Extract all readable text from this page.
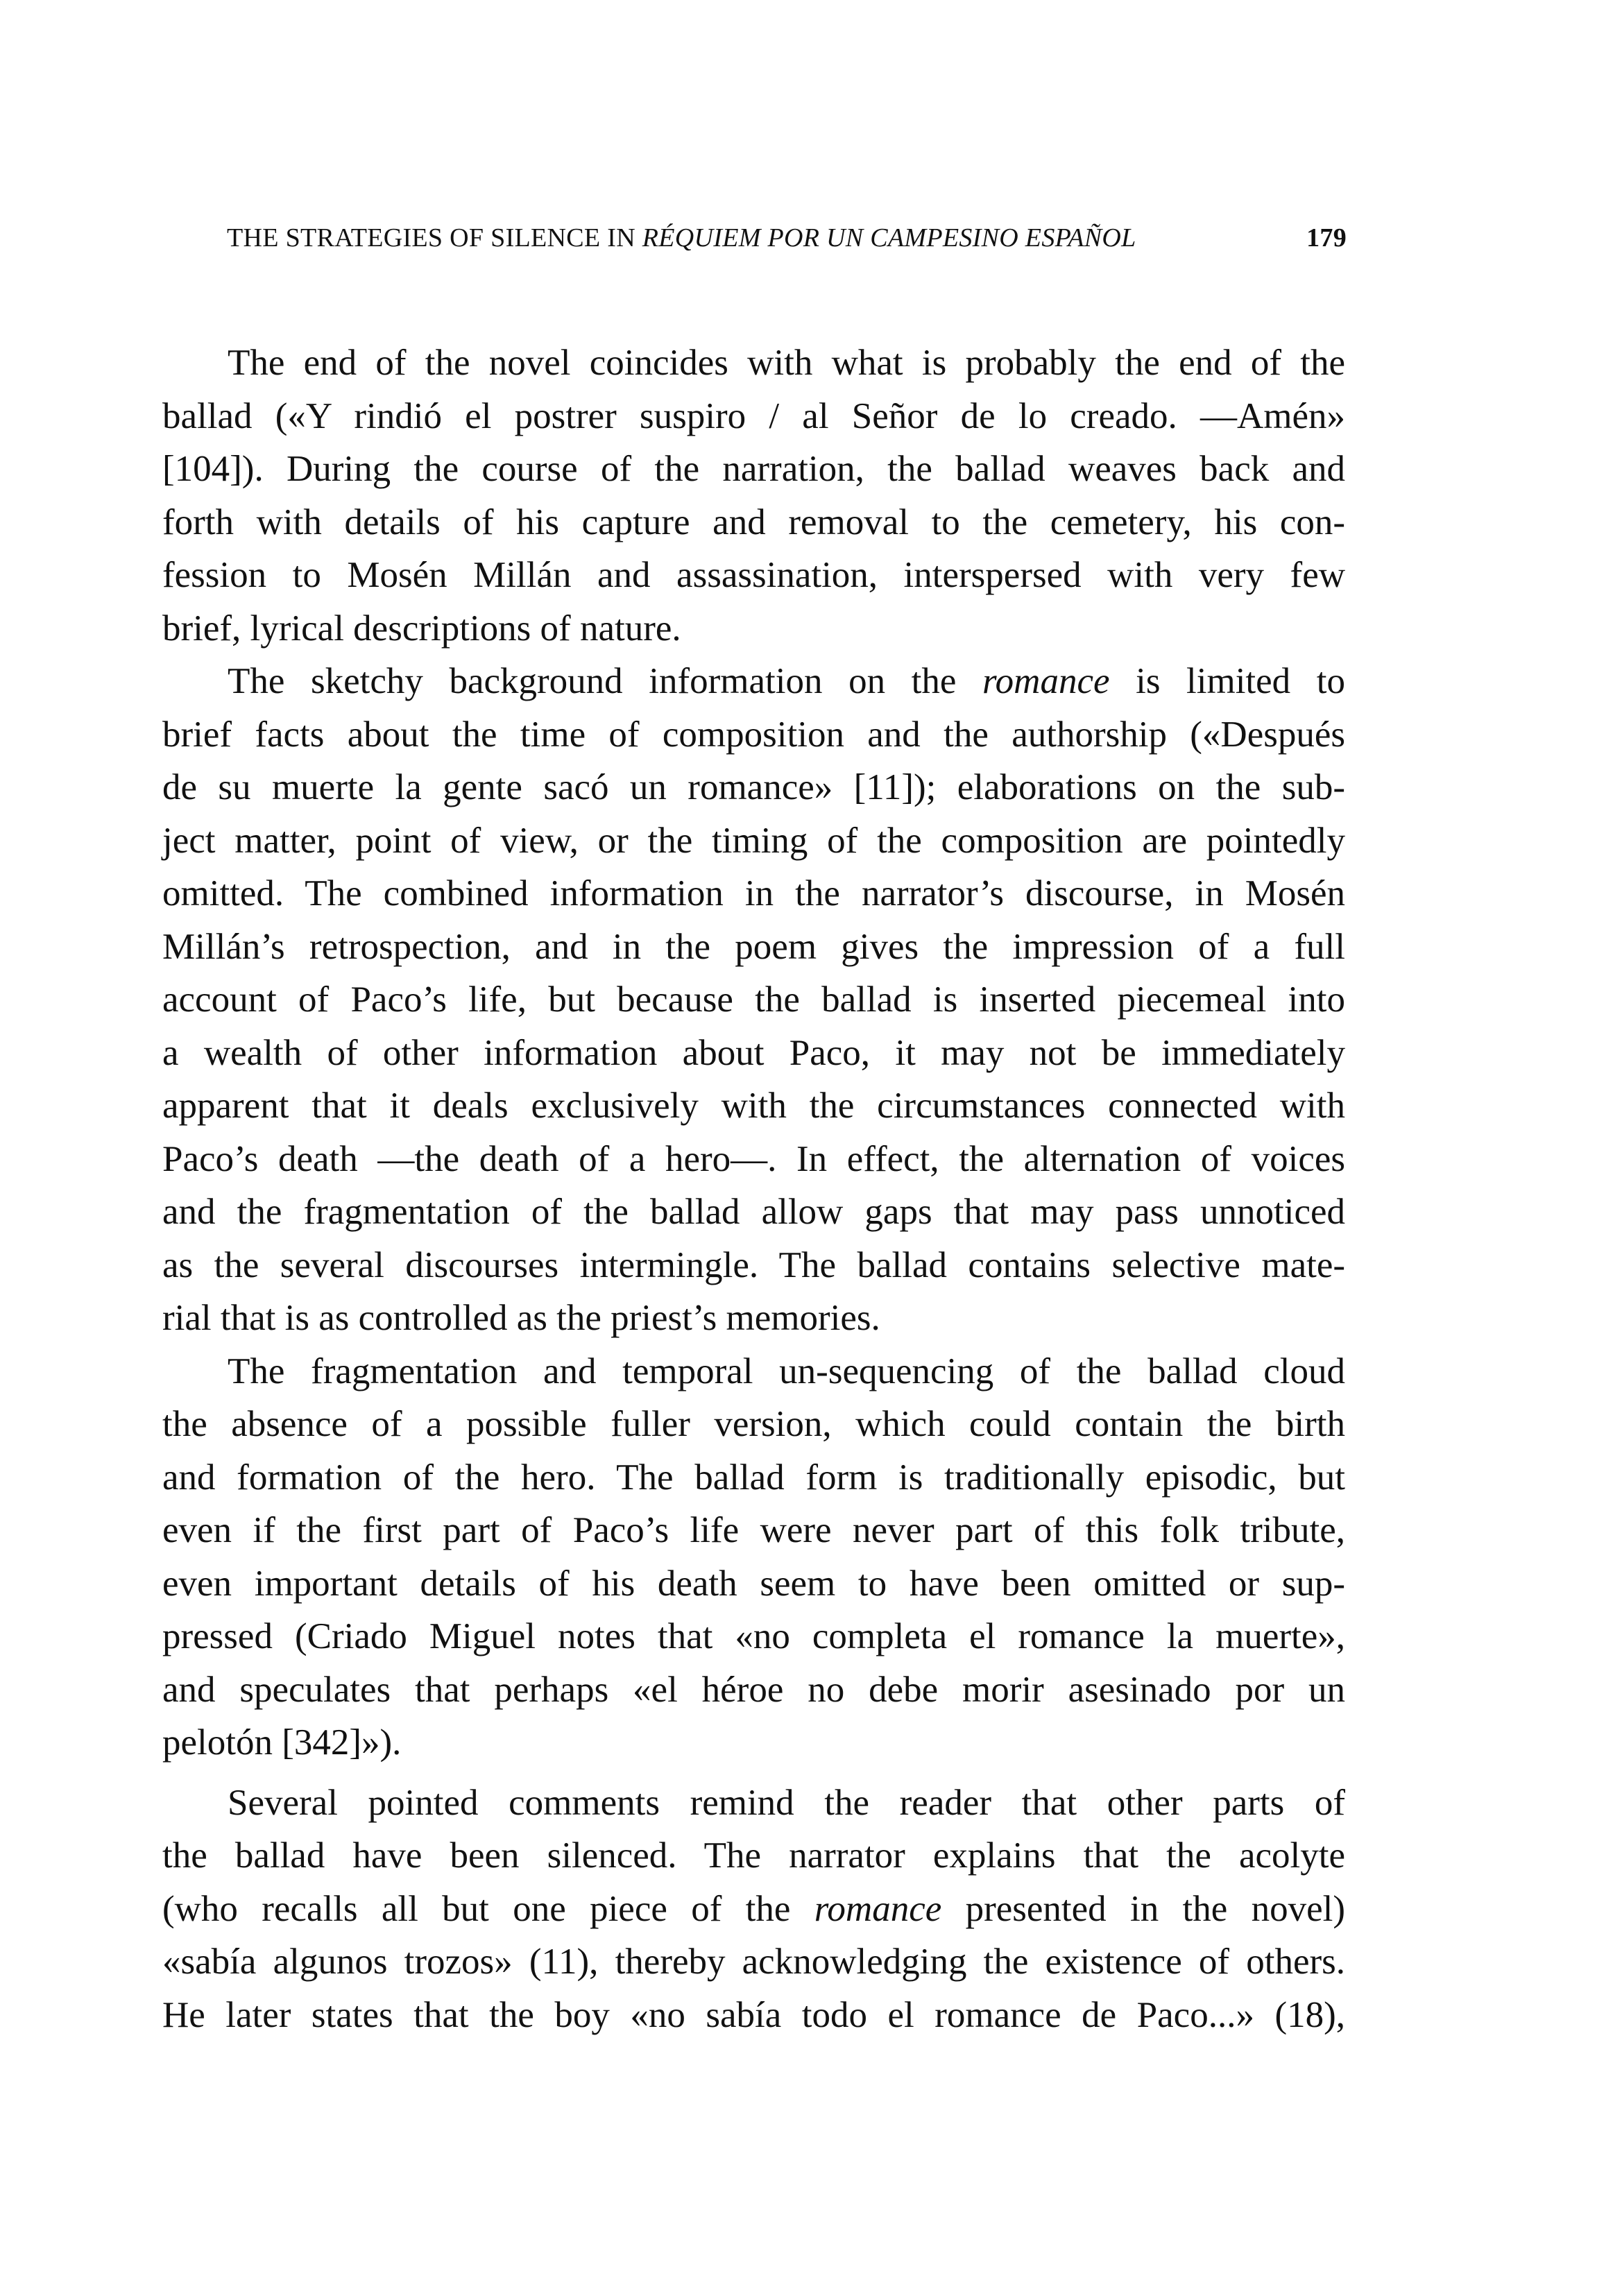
THE STRATEGIES OF SILENCE IN RÉQUIEM POR UN CAMPESINO ESPAÑOL	179
The end of the novel coincides with what is probably the end of the
ballad («Y rindió el postrer suspiro / al Señor de lo creado. —Amén»
[104]). During the course of the narration, the ballad weaves back and
forth with details of his capture and removal to the cemetery, his con-
fession to Mosén Millán and assassination, interspersed with very few
brief, lyrical descriptions of nature.
The sketchy background information on the romance is limited to
brief facts about the time of composition and the authorship («Después
de su muerte la gente sacó un romance» [11]); elaborations on the sub-
ject matter, point of view, or the timing of the composition are pointedly
omitted. The combined information in the narrator’s discourse, in Mosén
Millán’s retrospection, and in the poem gives the impression of a full
account of Paco’s life, but because the ballad is inserted piecemeal into
a wealth of other information about Paco, it may not be immediately
apparent that it deals exclusively with the circumstances connected with
Paco’s death —the death of a hero—. In effect, the alternation of voices
and the fragmentation of the ballad allow gaps that may pass unnoticed
as the several discourses intermingle. The ballad contains selective mate-
rial that is as controlled as the priest’s memories.
The fragmentation and temporal un-sequencing of the ballad cloud
the absence of a possible fuller version, which could contain the birth
and formation of the hero. The ballad form is traditionally episodic, but
even if the first part of Paco’s life were never part of this folk tribute,
even important details of his death seem to have been omitted or sup-
pressed (Criado Miguel notes that «no completa el romance la muerte»,
and speculates that perhaps «el héroe no debe morir asesinado por un
pelotón [342]»).
Several pointed comments remind the reader that other parts of
the ballad have been silenced. The narrator explains that the acolyte
(who recalls all but one piece of the romance presented in the novel)
«sabía algunos trozos» (11), thereby acknowledging the existence of others.
He later states that the boy «no sabía todo el romance de Paco...» (18),
